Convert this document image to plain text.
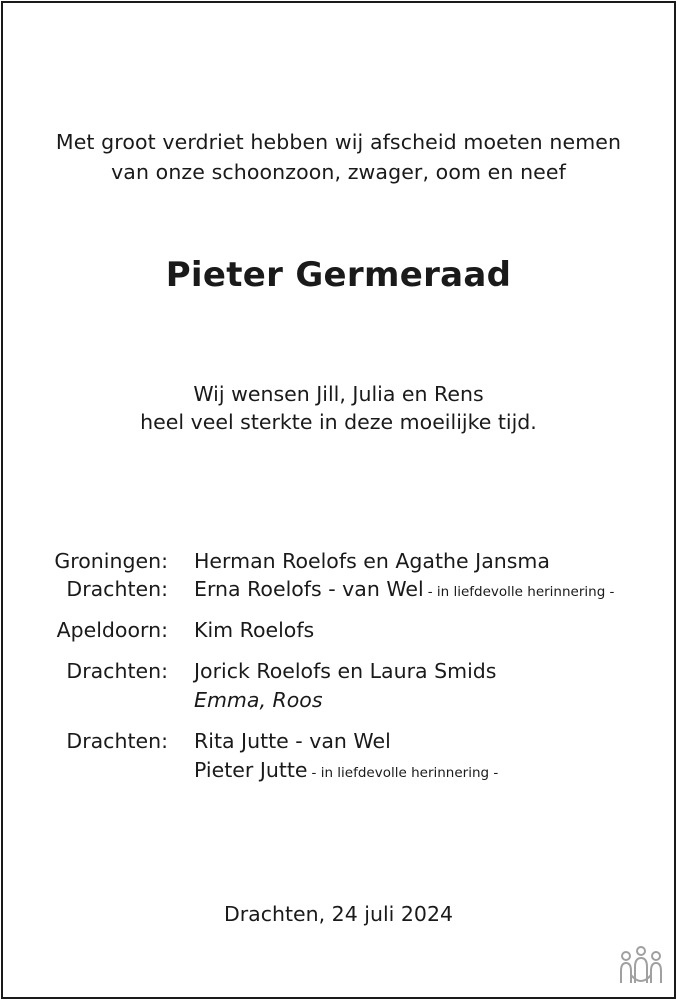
Met groot verdriet hebben wij afscheid moeten nemen
van onze schoonzoon, zwager, oom en neef
Pieter Germeraad
Wij wensen Jill, Julia en Rens
heel veel sterkte in deze moeilijke tijd.
Groningen: Herman Roelofs en Agathe Jansma
Drachten: Erna Roelofs - van Wel - in liefdevolle herinnering -
Apeldoorn: Kim Roelofs
Drachten: Jorick Roelofs en Laura Smids
Emma, Roos
Drachten: Rita Jutte - van Wel
Pieter Jutte - in liefdevolle herinnering -
Drachten, 24 juli 2024
